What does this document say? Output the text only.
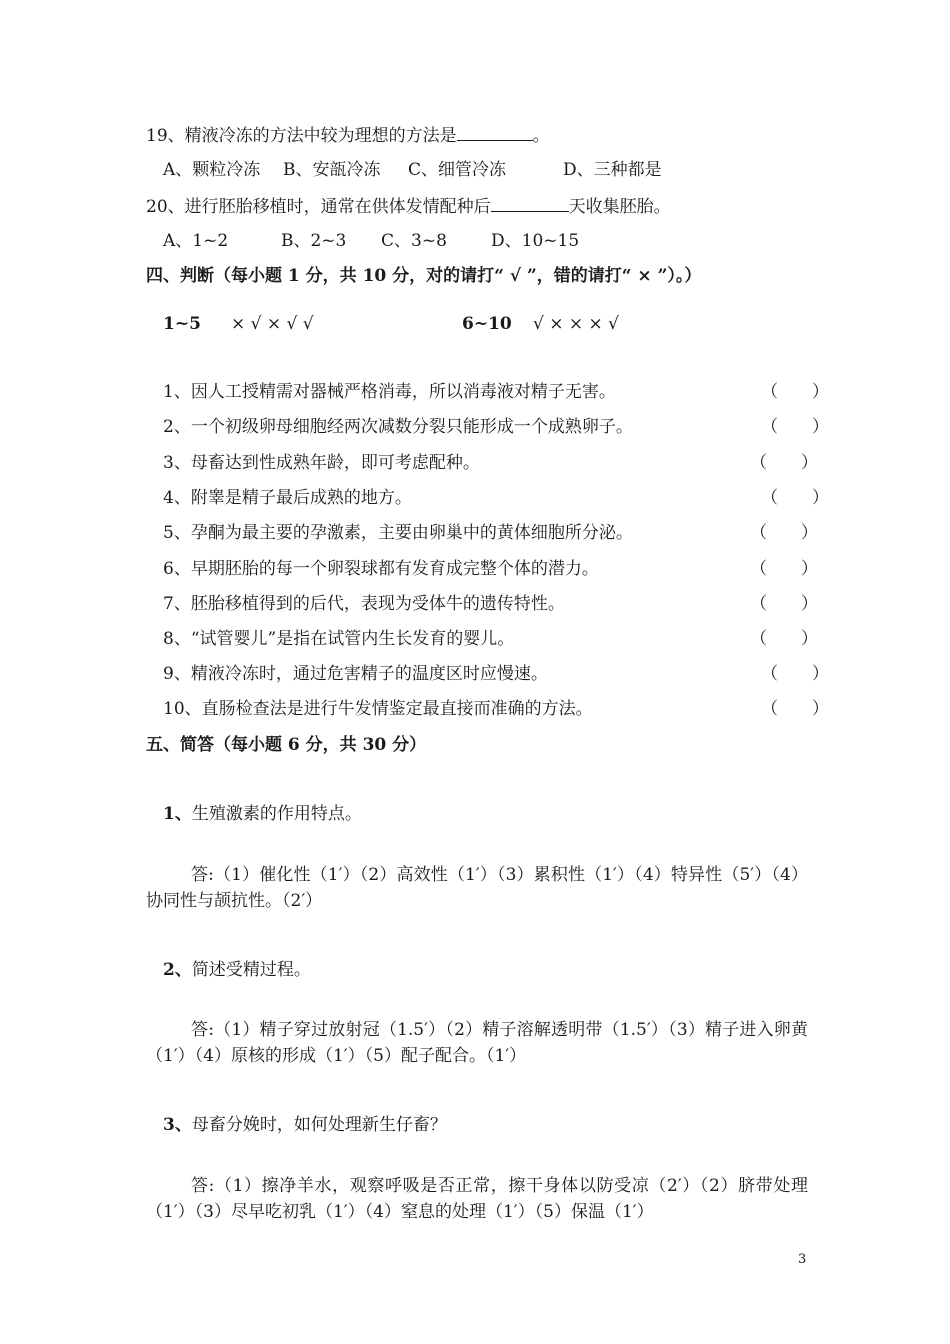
19、精液冷冻的方法中较为理想的方法是	。
A、颗粒冷冻 B、安瓿冷冻 C、细管冷冻	D、三种都是
20、进行胚胎移植时，通常在供体发情配种后	天收集胚胎。
A、1~2	B、2~3 C、3~8	D、10~15
四、判断（每小题 1 分，共 10 分，对的请打“ √ ”，错的请打“ × ”）。）
1~5 × √ × √ √	6~10 √ × × × √
1、因人工授精需对器械严格消毒，所以消毒液对精子无害。	（　　）
2、一个初级卵母细胞经两次减数分裂只能形成一个成熟卵子。	（　　）
3、母畜达到性成熟年龄，即可考虑配种。	（　　）
4、附睾是精子最后成熟的地方。	（　　）
5、孕酮为最主要的孕激素，主要由卵巢中的黄体细胞所分泌。	（　　）
6、早期胚胎的每一个卵裂球都有发育成完整个体的潜力。	（　　）
7、胚胎移植得到的后代，表现为受体牛的遗传特性。	（　　）
8、“试管婴儿”是指在试管内生长发育的婴儿。	（　　）
9、精液冷冻时，通过危害精子的温度区时应慢速。	（　　）
10、直肠检查法是进行牛发情鉴定最直接而准确的方法。	（　　）
五、简答（每小题 6 分，共 30 分）
1、生殖激素的作用特点。
答:（1）催化性（1′）（2）高效性（1′）（3）累积性（1′）（4）特异性（5′）（4）协同性与颉抗性。（2′）
2、简述受精过程。
答:（1）精子穿过放射冠（1.5′）（2）精子溶解透明带（1.5′）（3）精子进入卵黄（1′）（4）原核的形成（1′）（5）配子配合。（1′）
3、母畜分娩时，如何处理新生仔畜？
答:（1）擦净羊水，观察呼吸是否正常，擦干身体以防受凉（2′）（2）脐带处理（1′）（3）尽早吃初乳（1′）（4）窒息的处理（1′）（5）保温（1′）
3
